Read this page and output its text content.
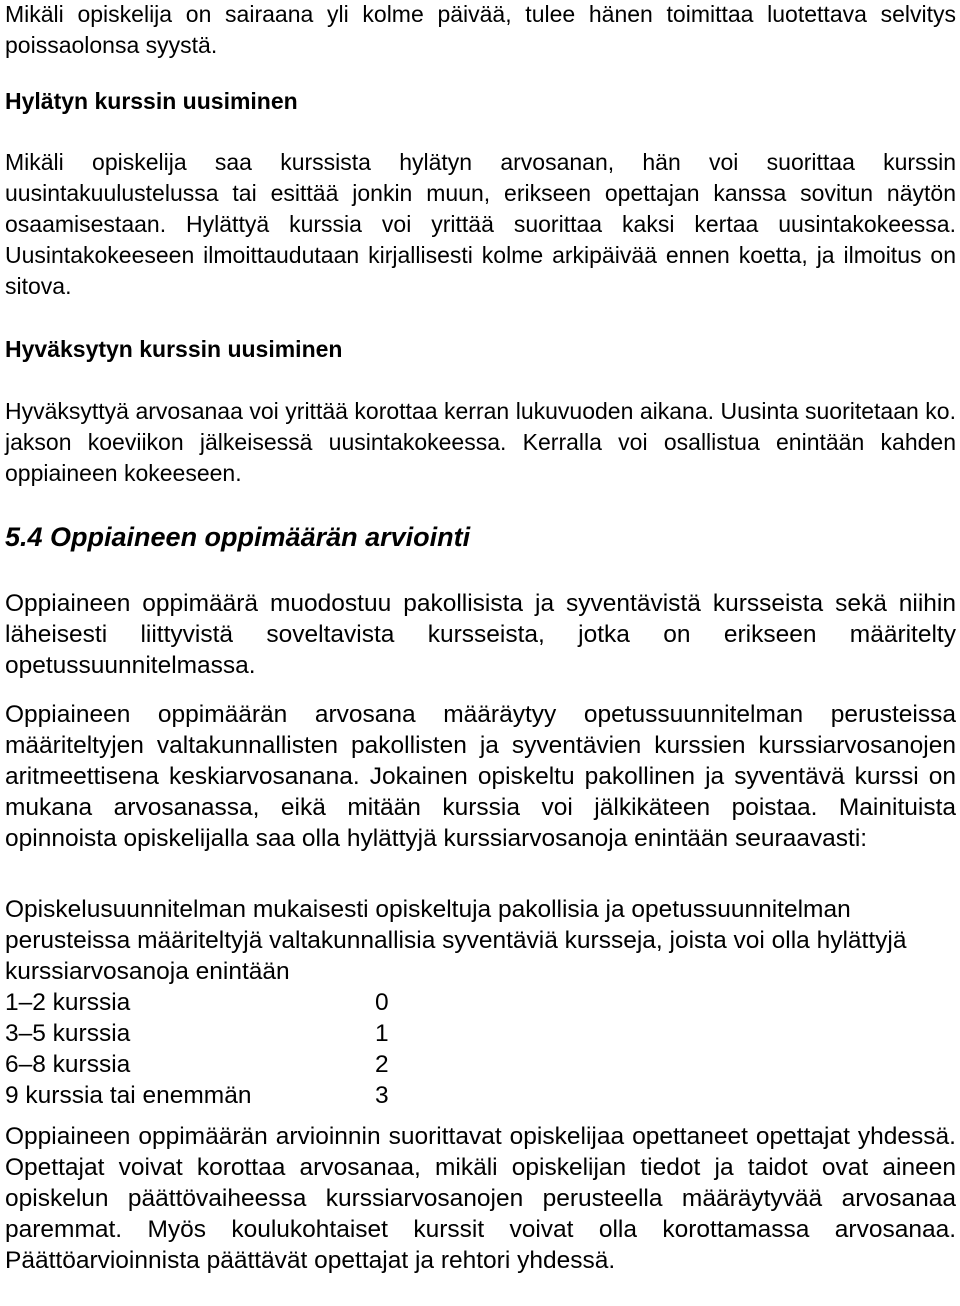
Mikäli opiskelija on sairaana yli kolme päivää, tulee hänen toimittaa luotettava selvitys poissaolonsa syystä.

Hylätyn kurssin uusiminen

Mikäli opiskelija saa kurssista hylätyn arvosanan, hän voi suorittaa kurssin uusintakuulustelussa tai esittää jonkin muun, erikseen opettajan kanssa sovitun näytön osaamisestaan. Hylättyä kurssia voi yrittää suorittaa kaksi kertaa uusintakokeessa. Uusintakokeeseen ilmoittaudutaan kirjallisesti kolme arkipäivää ennen koetta, ja ilmoitus on sitova.

Hyväksytyn kurssin uusiminen

Hyväksyttyä arvosanaa voi yrittää korottaa kerran lukuvuoden aikana. Uusinta suoritetaan ko. jakson koeviikon jälkeisessä uusintakokeessa. Kerralla voi osallistua enintään kahden oppiaineen kokeeseen.

5.4 Oppiaineen oppimäärän arviointi

Oppiaineen oppimäärä muodostuu pakollisista ja syventävistä kursseista sekä niihin läheisesti liittyvistä soveltavista kursseista, jotka on erikseen määritelty opetussuunnitelmassa.

Oppiaineen oppimäärän arvosana määräytyy opetussuunnitelman perusteissa määriteltyjen valtakunnallisten pakollisten ja syventävien kurssien kurssiarvosanojen aritmeettisena keskiarvosanana. Jokainen opiskeltu pakollinen ja syventävä kurssi on mukana arvosanassa, eikä mitään kurssia voi jälkikäteen poistaa. Mainituista opinnoista opiskelijalla saa olla hylättyjä kurssiarvosanoja enintään seuraavasti:

Opiskelusuunnitelman mukaisesti opiskeltuja pakollisia ja opetussuunnitelman perusteissa määriteltyjä valtakunnallisia syventäviä kursseja, joista voi olla hylättyjä kurssiarvosanoja enintään

1–2 kurssia	0
3–5 kurssia	1
6–8 kurssia	2
9 kurssia tai enemmän	3

Oppiaineen oppimäärän arvioinnin suorittavat opiskelijaa opettaneet opettajat yhdessä. Opettajat voivat korottaa arvosanaa, mikäli opiskelijan tiedot ja taidot ovat aineen opiskelun päättövaiheessa kurssiarvosanojen perusteella määräytyvää arvosanaa paremmat. Myös koulukohtaiset kurssit voivat olla korottamassa arvosanaa. Päättöarvioinnista päättävät opettajat ja rehtori yhdessä.
